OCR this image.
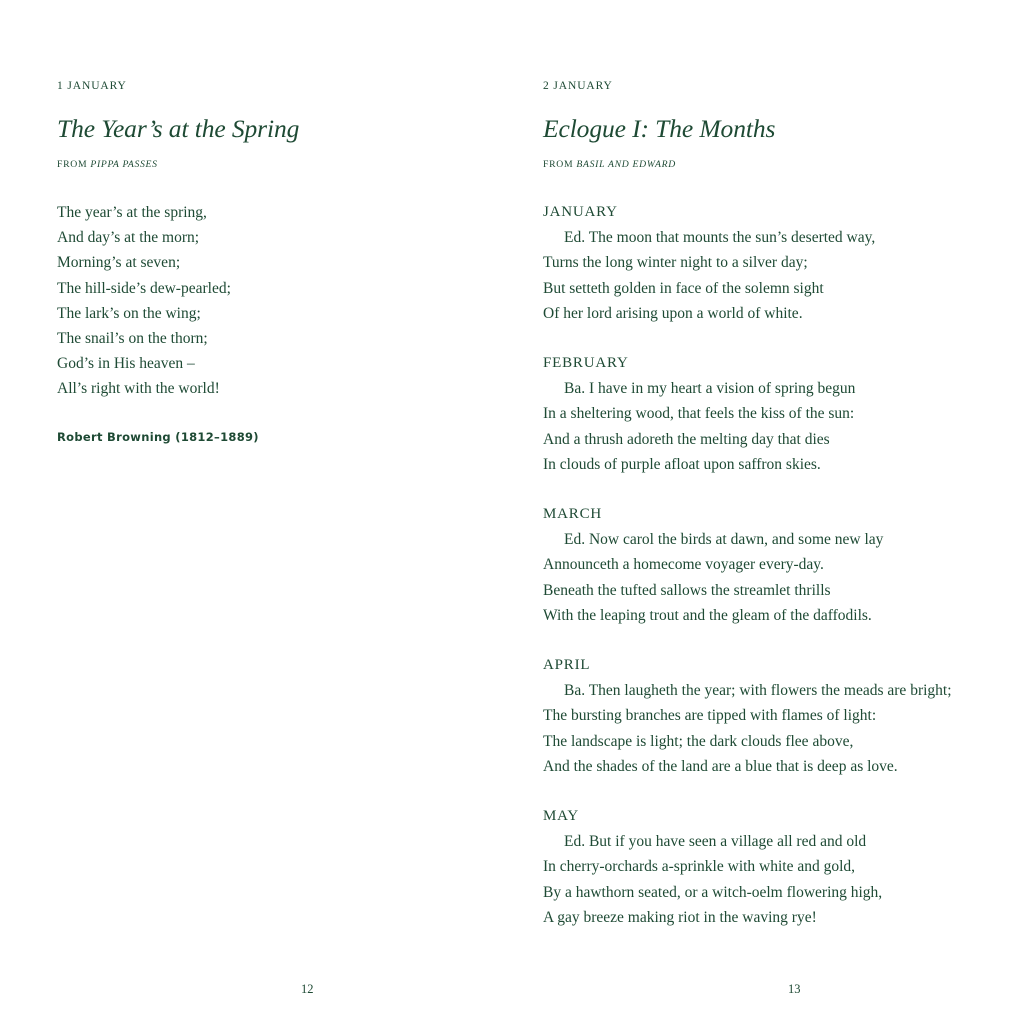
1 JANUARY
The Year’s at the Spring
FROM PIPPA PASSES
The year’s at the spring,
And day’s at the morn;
Morning’s at seven;
The hill-side’s dew-pearled;
The lark’s on the wing;
The snail’s on the thorn;
God’s in His heaven –
All’s right with the world!
Robert Browning (1812–1889)
12
2 JANUARY
Eclogue I: The Months
FROM BASIL AND EDWARD
JANUARY
Ed. The moon that mounts the sun’s deserted way,
Turns the long winter night to a silver day;
But setteth golden in face of the solemn sight
Of her lord arising upon a world of white.
FEBRUARY
Ba. I have in my heart a vision of spring begun
In a sheltering wood, that feels the kiss of the sun:
And a thrush adoreth the melting day that dies
In clouds of purple afloat upon saffron skies.
MARCH
Ed. Now carol the birds at dawn, and some new lay
Announceth a homecome voyager every-day.
Beneath the tufted sallows the streamlet thrills
With the leaping trout and the gleam of the daffodils.
APRIL
Ba. Then laugheth the year; with flowers the meads are bright;
The bursting branches are tipped with flames of light:
The landscape is light; the dark clouds flee above,
And the shades of the land are a blue that is deep as love.
MAY
Ed. But if you have seen a village all red and old
In cherry-orchards a-sprinkle with white and gold,
By a hawthorn seated, or a witch-oelm flowering high,
A gay breeze making riot in the waving rye!
13
